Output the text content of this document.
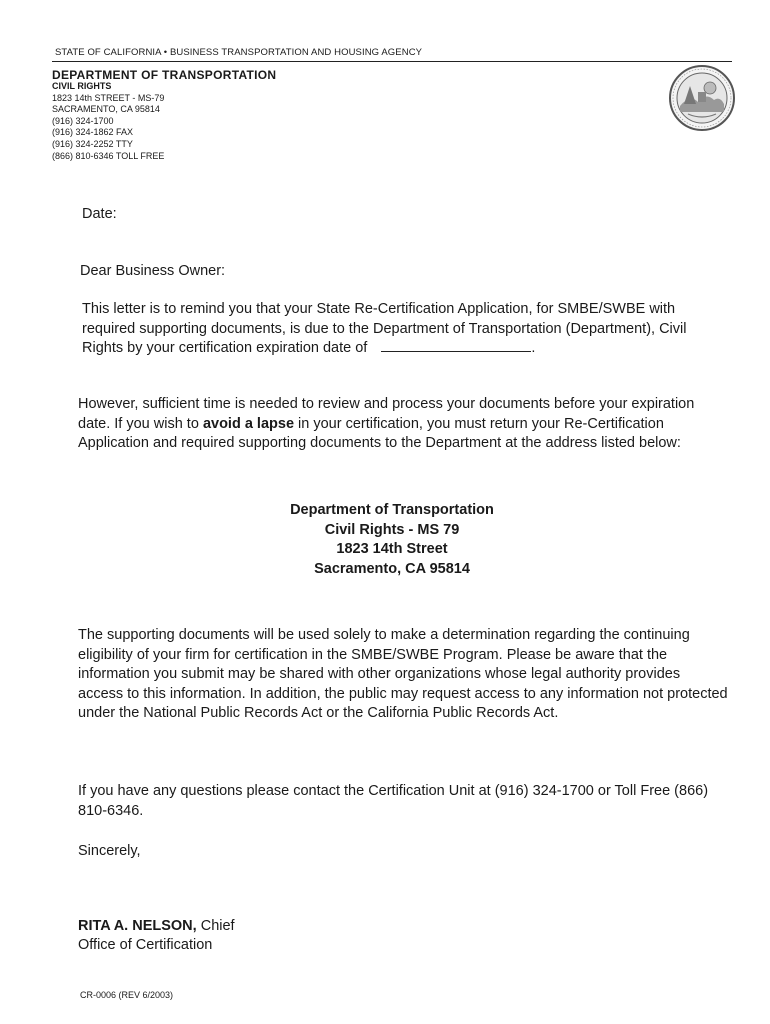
STATE OF CALIFORNIA • BUSINESS TRANSPORTATION AND HOUSING AGENCY
DEPARTMENT OF TRANSPORTATION
CIVIL RIGHTS
1823 14th STREET - MS-79
SACRAMENTO, CA 95814
(916) 324-1700
(916) 324-1862 FAX
(916) 324-2252 TTY
(866) 810-6346 TOLL FREE
Date:
Dear Business Owner:
This letter is to remind you that your State Re-Certification Application, for SMBE/SWBE with required supporting documents, is due to the Department of Transportation (Department), Civil Rights by your certification expiration date of	.
However, sufficient time is needed to review and process your documents before your expiration date. If you wish to avoid a lapse in your certification, you must return your Re-Certification Application and required supporting documents to the Department at the address listed below:
Department of Transportation
Civil Rights - MS 79
1823 14th Street
Sacramento, CA 95814
The supporting documents will be used solely to make a determination regarding the continuing eligibility of your firm for certification in the SMBE/SWBE Program. Please be aware that the information you submit may be shared with other organizations whose legal authority provides access to this information. In addition, the public may request access to any information not protected under the National Public Records Act or the California Public Records Act.
If you have any questions please contact the Certification Unit at (916) 324-1700 or Toll Free (866) 810-6346.
Sincerely,
RITA A. NELSON, Chief
Office of Certification
CR-0006 (REV 6/2003)
